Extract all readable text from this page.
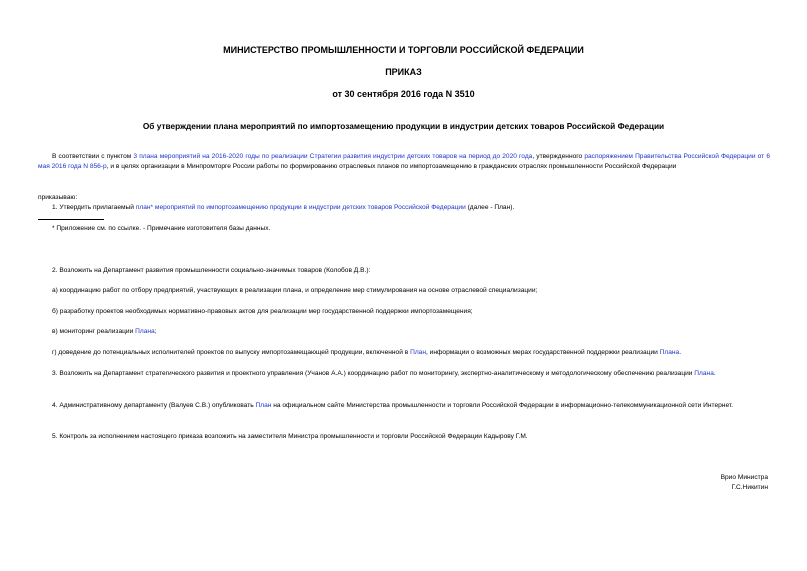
МИНИСТЕРСТВО ПРОМЫШЛЕННОСТИ И ТОРГОВЛИ РОССИЙСКОЙ ФЕДЕРАЦИИ
ПРИКАЗ
от 30 сентября 2016 года N 3510
Об утверждении плана мероприятий по импортозамещению продукции в индустрии детских товаров Российской Федерации
В соответствии с пунктом 3 плана мероприятий на 2016-2020 годы по реализации Стратегии развития индустрии детских товаров на период до 2020 года, утвержденного распоряжением Правительства Российской Федерации от 6 мая 2016 года N 856-р, и в целях организации в Минпромторге России работы по формированию отраслевых планов по импортозамещению в гражданских отраслях промышленности Российской Федерации
приказываю:
1. Утвердить прилагаемый план* мероприятий по импортозамещению продукции в индустрии детских товаров Российской Федерации (далее - План).
* Приложение см. по ссылке. - Примечание изготовителя базы данных.
2. Возложить на Департамент развития промышленности социально-значимых товаров (Колобов Д.В.):
а) координацию работ по отбору предприятий, участвующих в реализации плана, и определение мер стимулирования на основе отраслевой специализации;
б) разработку проектов необходимых нормативно-правовых актов для реализации мер государственной поддержки импортозамещения;
в) мониторинг реализации Плана;
г) доведение до потенциальных исполнителей проектов по выпуску импортозамещающей продукции, включенной в План, информации о возможных мерах государственной поддержки реализации Плана.
3. Возложить на Департамент стратегического развития и проектного управления (Учанов А.А.) координацию работ по мониторингу, экспертно-аналитическому и методологическому обеспечению реализации Плана.
4. Административному департаменту (Валуев С.В.) опубликовать План на официальном сайте Министерства промышленности и торговли Российской Федерации в информационно-телекоммуникационной сети Интернет.
5. Контроль за исполнением настоящего приказа возложить на заместителя Министра промышленности и торговли Российской Федерации Кадырову Г.М.
Врио Министра
Г.С.Никитин
